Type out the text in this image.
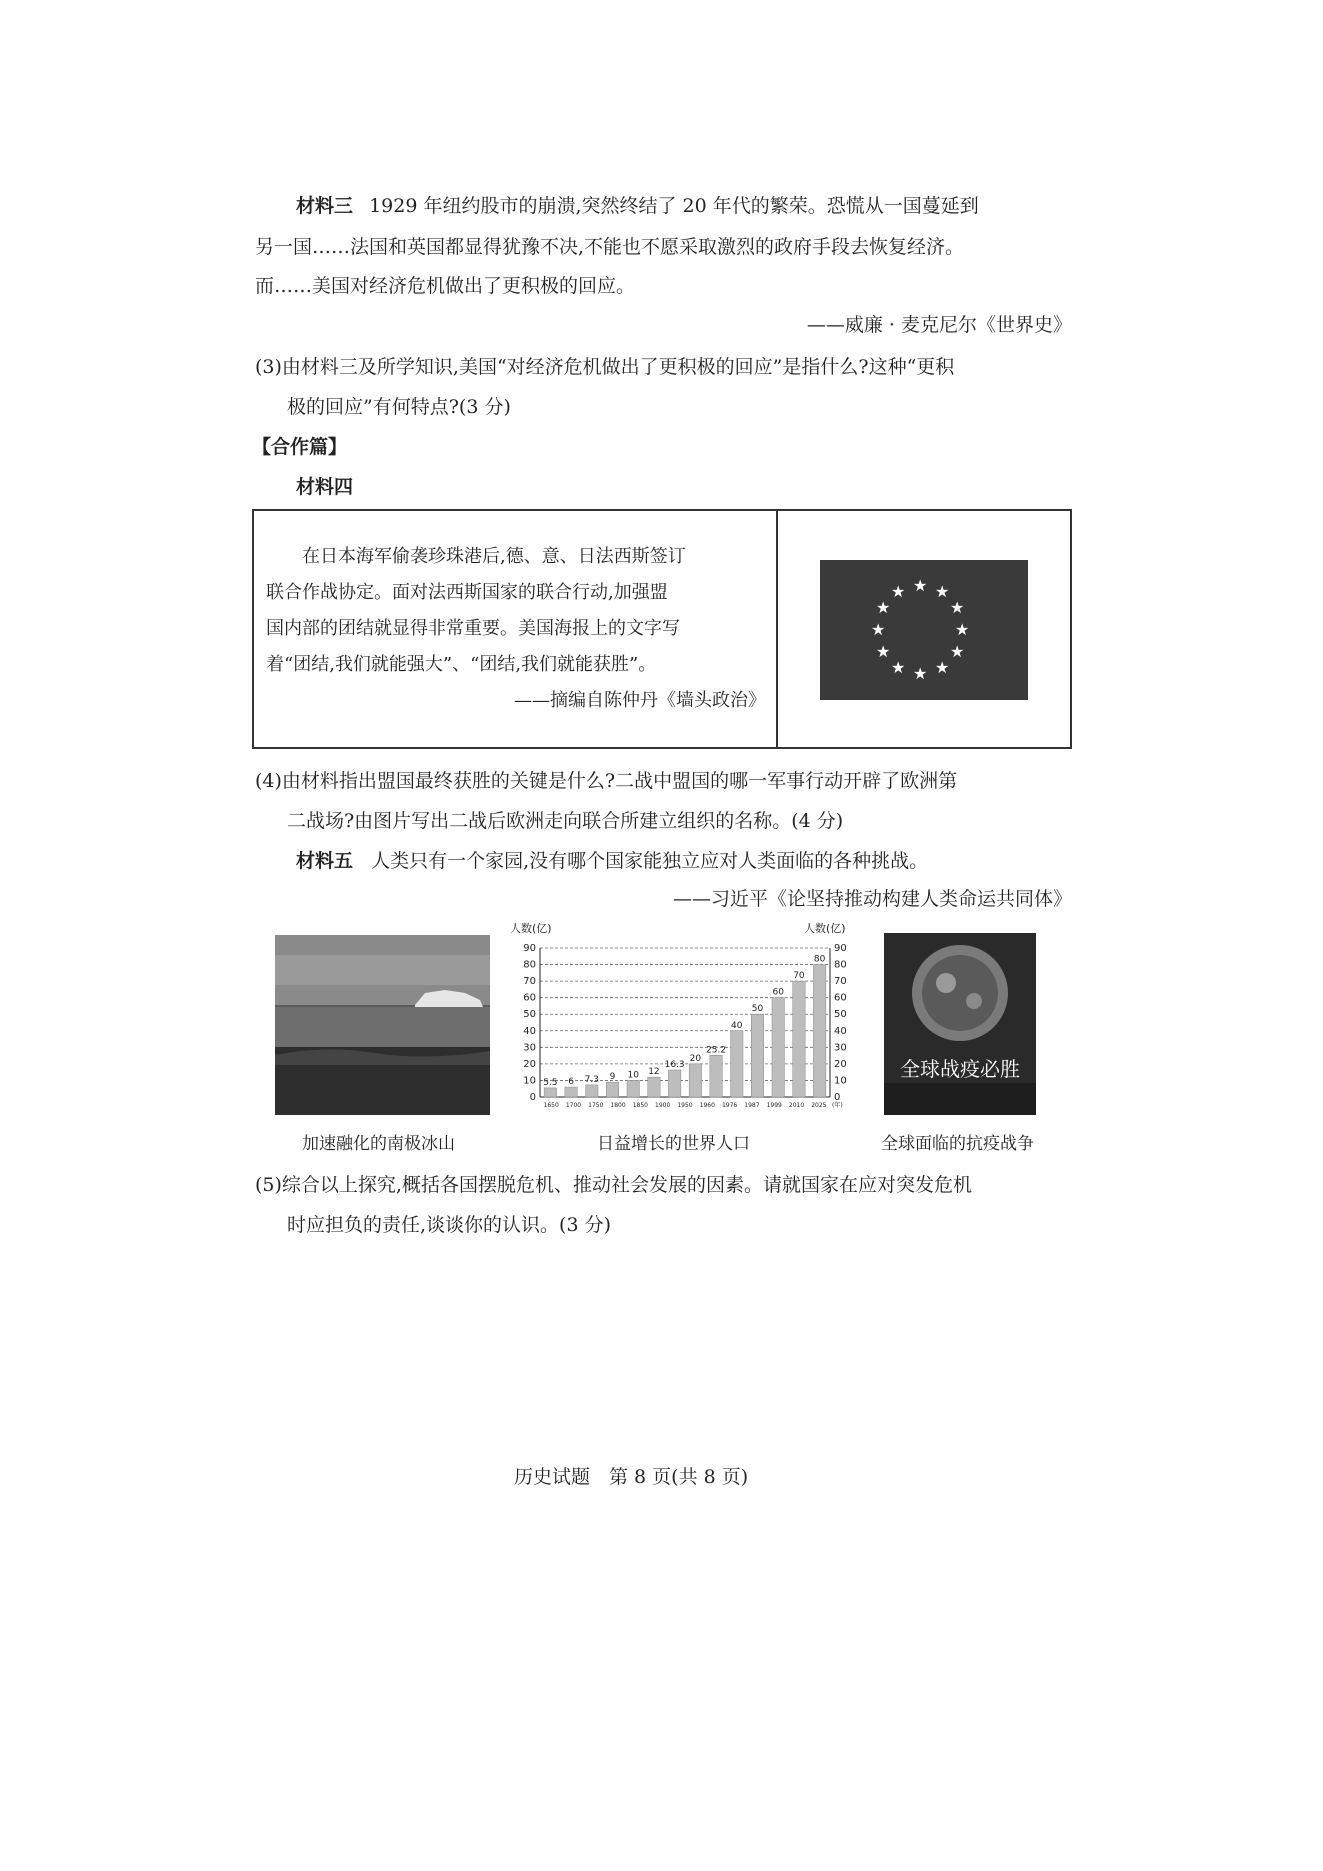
材料三 1929 年纽约股市的崩溃,突然终结了 20 年代的繁荣。恐慌从一国蔓延到
另一国……法国和英国都显得犹豫不决,不能也不愿采取激烈的政府手段去恢复经济。
而……美国对经济危机做出了更积极的回应。
——威廉 · 麦克尼尔《世界史》
(3)由材料三及所学知识,美国“对经济危机做出了更积极的回应”是指什么?这种“更积
极的回应”有何特点?(3 分)
【合作篇】
材料四
在日本海军偷袭珍珠港后,德、意、日法西斯签订
联合作战协定。面对法西斯国家的联合行动,加强盟
国内部的团结就显得非常重要。美国海报上的文字写
着“团结,我们就能强大”、“团结,我们就能获胜”。
——摘编自陈仲丹《墙头政治》
★ ★
★
★
★
★
★
★
★
★
★
★
(4)由材料指出盟国最终获胜的关键是什么?二战中盟国的哪一军事行动开辟了欧洲第
二战场?由图片写出二战后欧洲走向联合所建立组织的名称。(4 分)
材料五 人类只有一个家园,没有哪个国家能独立应对人类面临的各种挑战。
——习近平《论坚持推动构建人类命运共同体》
加速融化的南极冰山
人数(亿)	人数(亿)
0	0
10	10
20	20
30	30
40	40
50	50
60	60
70	70
80	80
90	90
5.5 6 7.3 9 10 12
16.3
20
25.2
40
50
60
70
80
1650 1700 1750 1800 1850 1900 1950 1960 1976 1987 1999 2010 2025 (年)
日益增长的世界人口
全球战疫必胜
全球面临的抗疫战争
(5)综合以上探究,概括各国摆脱危机、推动社会发展的因素。请就国家在应对突发危机
时应担负的责任,谈谈你的认识。(3 分)
历史试题　第 8 页(共 8 页)
